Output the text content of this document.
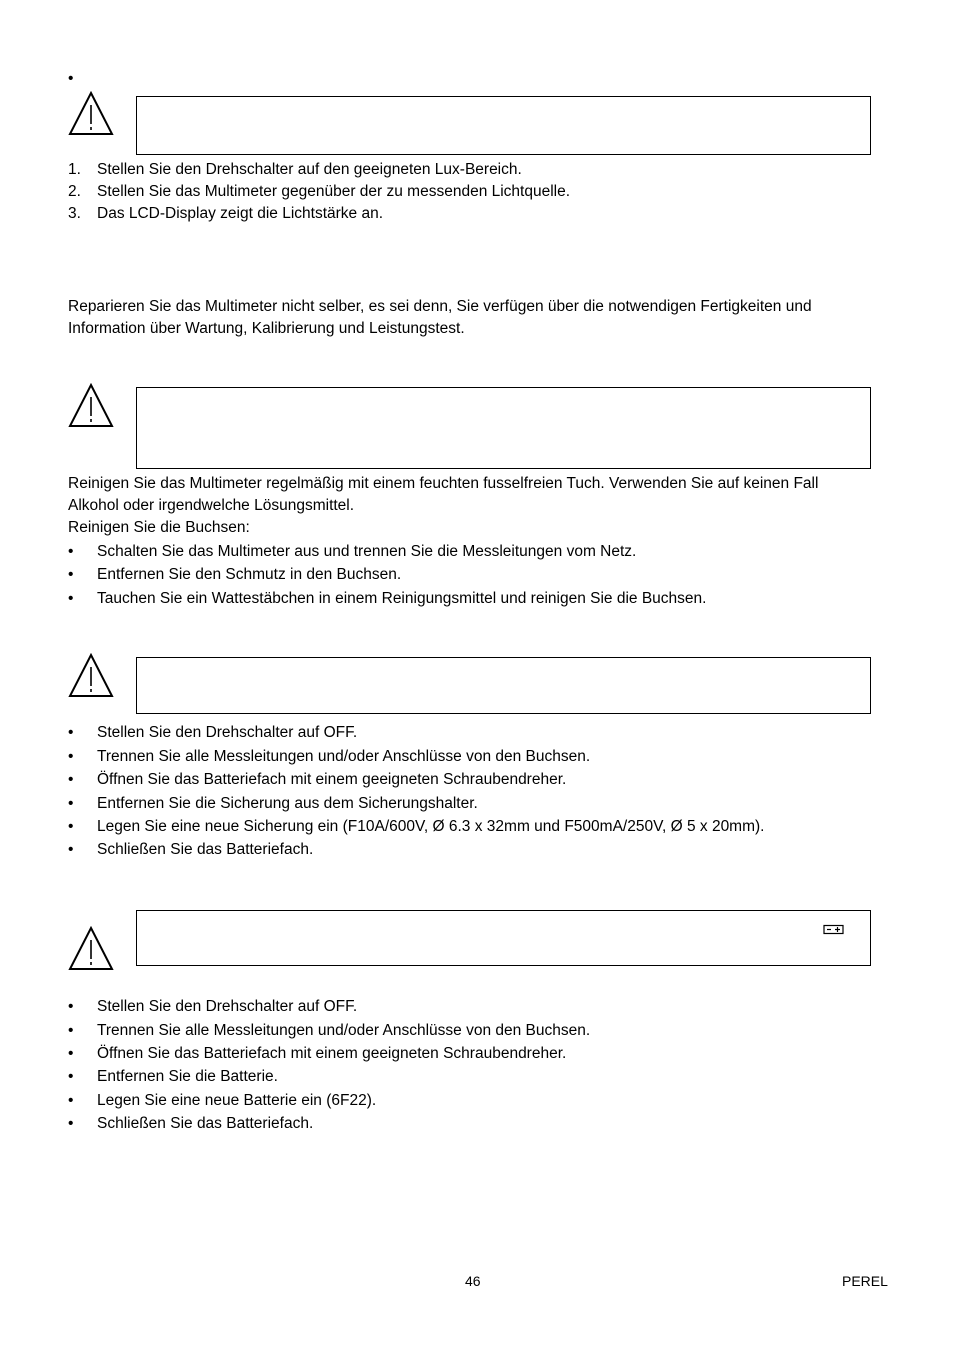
•
1. Stellen Sie den Drehschalter auf den geeigneten Lux-Bereich.
2. Stellen Sie das Multimeter gegenüber der zu messenden Lichtquelle.
3. Das LCD-Display zeigt die Lichtstärke an.
Reparieren Sie das Multimeter nicht selber, es sei denn, Sie verfügen über die notwendigen Fertigkeiten und
Information über Wartung, Kalibrierung und Leistungstest.
Reinigen Sie das Multimeter regelmäßig mit einem feuchten fusselfreien Tuch. Verwenden Sie auf keinen Fall
Alkohol oder irgendwelche Lösungsmittel.
Reinigen Sie die Buchsen:
• Schalten Sie das Multimeter aus und trennen Sie die Messleitungen vom Netz.
• Entfernen Sie den Schmutz in den Buchsen.
• Tauchen Sie ein Wattestäbchen in einem Reinigungsmittel und reinigen Sie die Buchsen.
• Stellen Sie den Drehschalter auf OFF.
• Trennen Sie alle Messleitungen und/oder Anschlüsse von den Buchsen.
• Öffnen Sie das Batteriefach mit einem geeigneten Schraubendreher.
• Entfernen Sie die Sicherung aus dem Sicherungshalter.
• Legen Sie eine neue Sicherung ein (F10A/600V, Ø 6.3 x 32mm und F500mA/250V, Ø 5 x 20mm).
• Schließen Sie das Batteriefach.
• Stellen Sie den Drehschalter auf OFF.
• Trennen Sie alle Messleitungen und/oder Anschlüsse von den Buchsen.
• Öffnen Sie das Batteriefach mit einem geeigneten Schraubendreher.
• Entfernen Sie die Batterie.
• Legen Sie eine neue Batterie ein (6F22).
• Schließen Sie das Batteriefach.
46	PEREL
